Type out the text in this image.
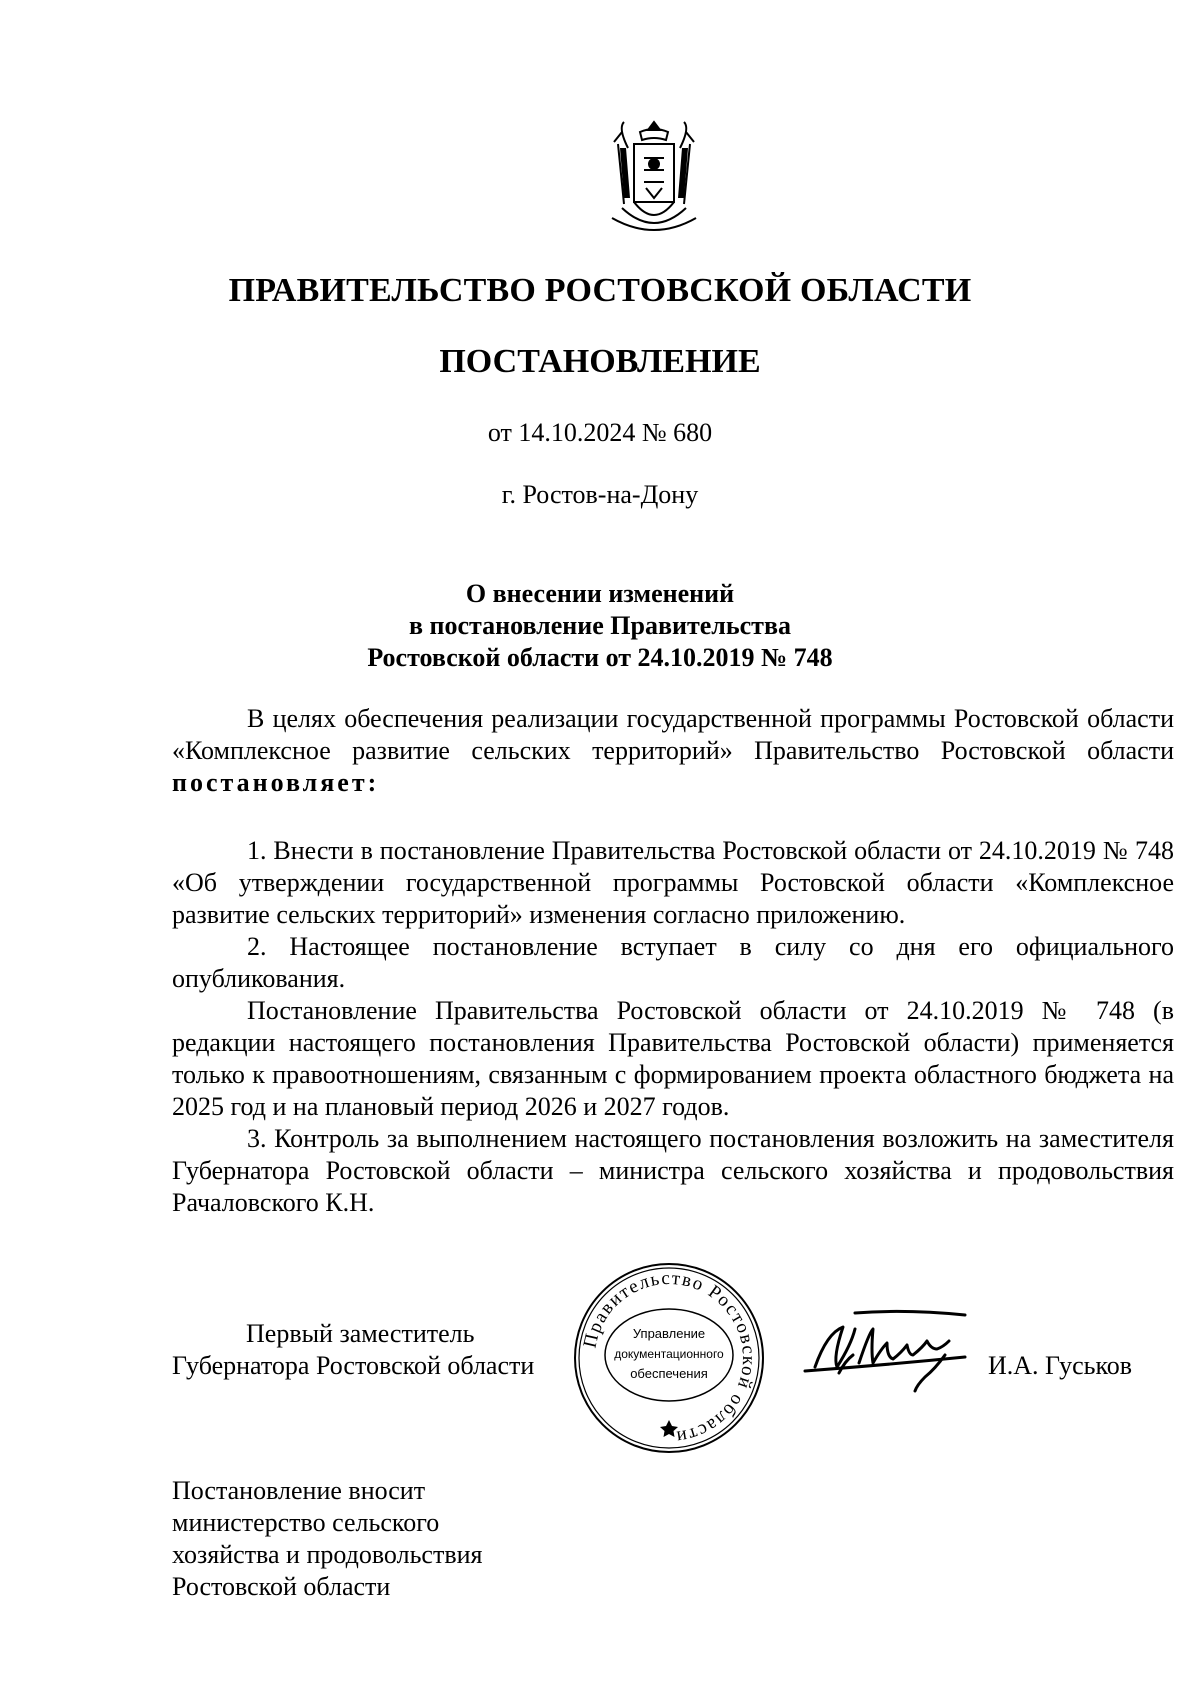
ПРАВИТЕЛЬСТВО РОСТОВСКОЙ ОБЛАСТИ
ПОСТАНОВЛЕНИЕ
от 14.10.2024 № 680
г. Ростов-на-Дону
О внесении изменений
в постановление Правительства
Ростовской области от 24.10.2019 № 748

В целях обеспечения реализации государственной программы Ростовской области «Комплексное развитие сельских территорий» Правительство Ростовской области постановляет:

1. Внести в постановление Правительства Ростовской области от 24.10.2019 № 748 «Об утверждении государственной программы Ростовской области «Комплексное развитие сельских территорий» изменения согласно приложению.

2. Настоящее постановление вступает в силу со дня его официального опубликования.

Постановление Правительства Ростовской области от 24.10.2019 № 748 (в редакции настоящего постановления Правительства Ростовской области) применяется только к правоотношениям, связанным с формированием проекта областного бюджета на 2025 год и на плановый период 2026 и 2027 годов.

3. Контроль за выполнением настоящего постановления возложить на заместителя Губернатора Ростовской области – министра сельского хозяйства и продовольствия Рачаловского К.Н.

Первый заместитель
Губернатора Ростовской области
Правительство Ростовской области
Управление
документационного
обеспечения	И.А. Гуськов
Постановление вносит
министерство сельского
хозяйства и продовольствия
Ростовской области
